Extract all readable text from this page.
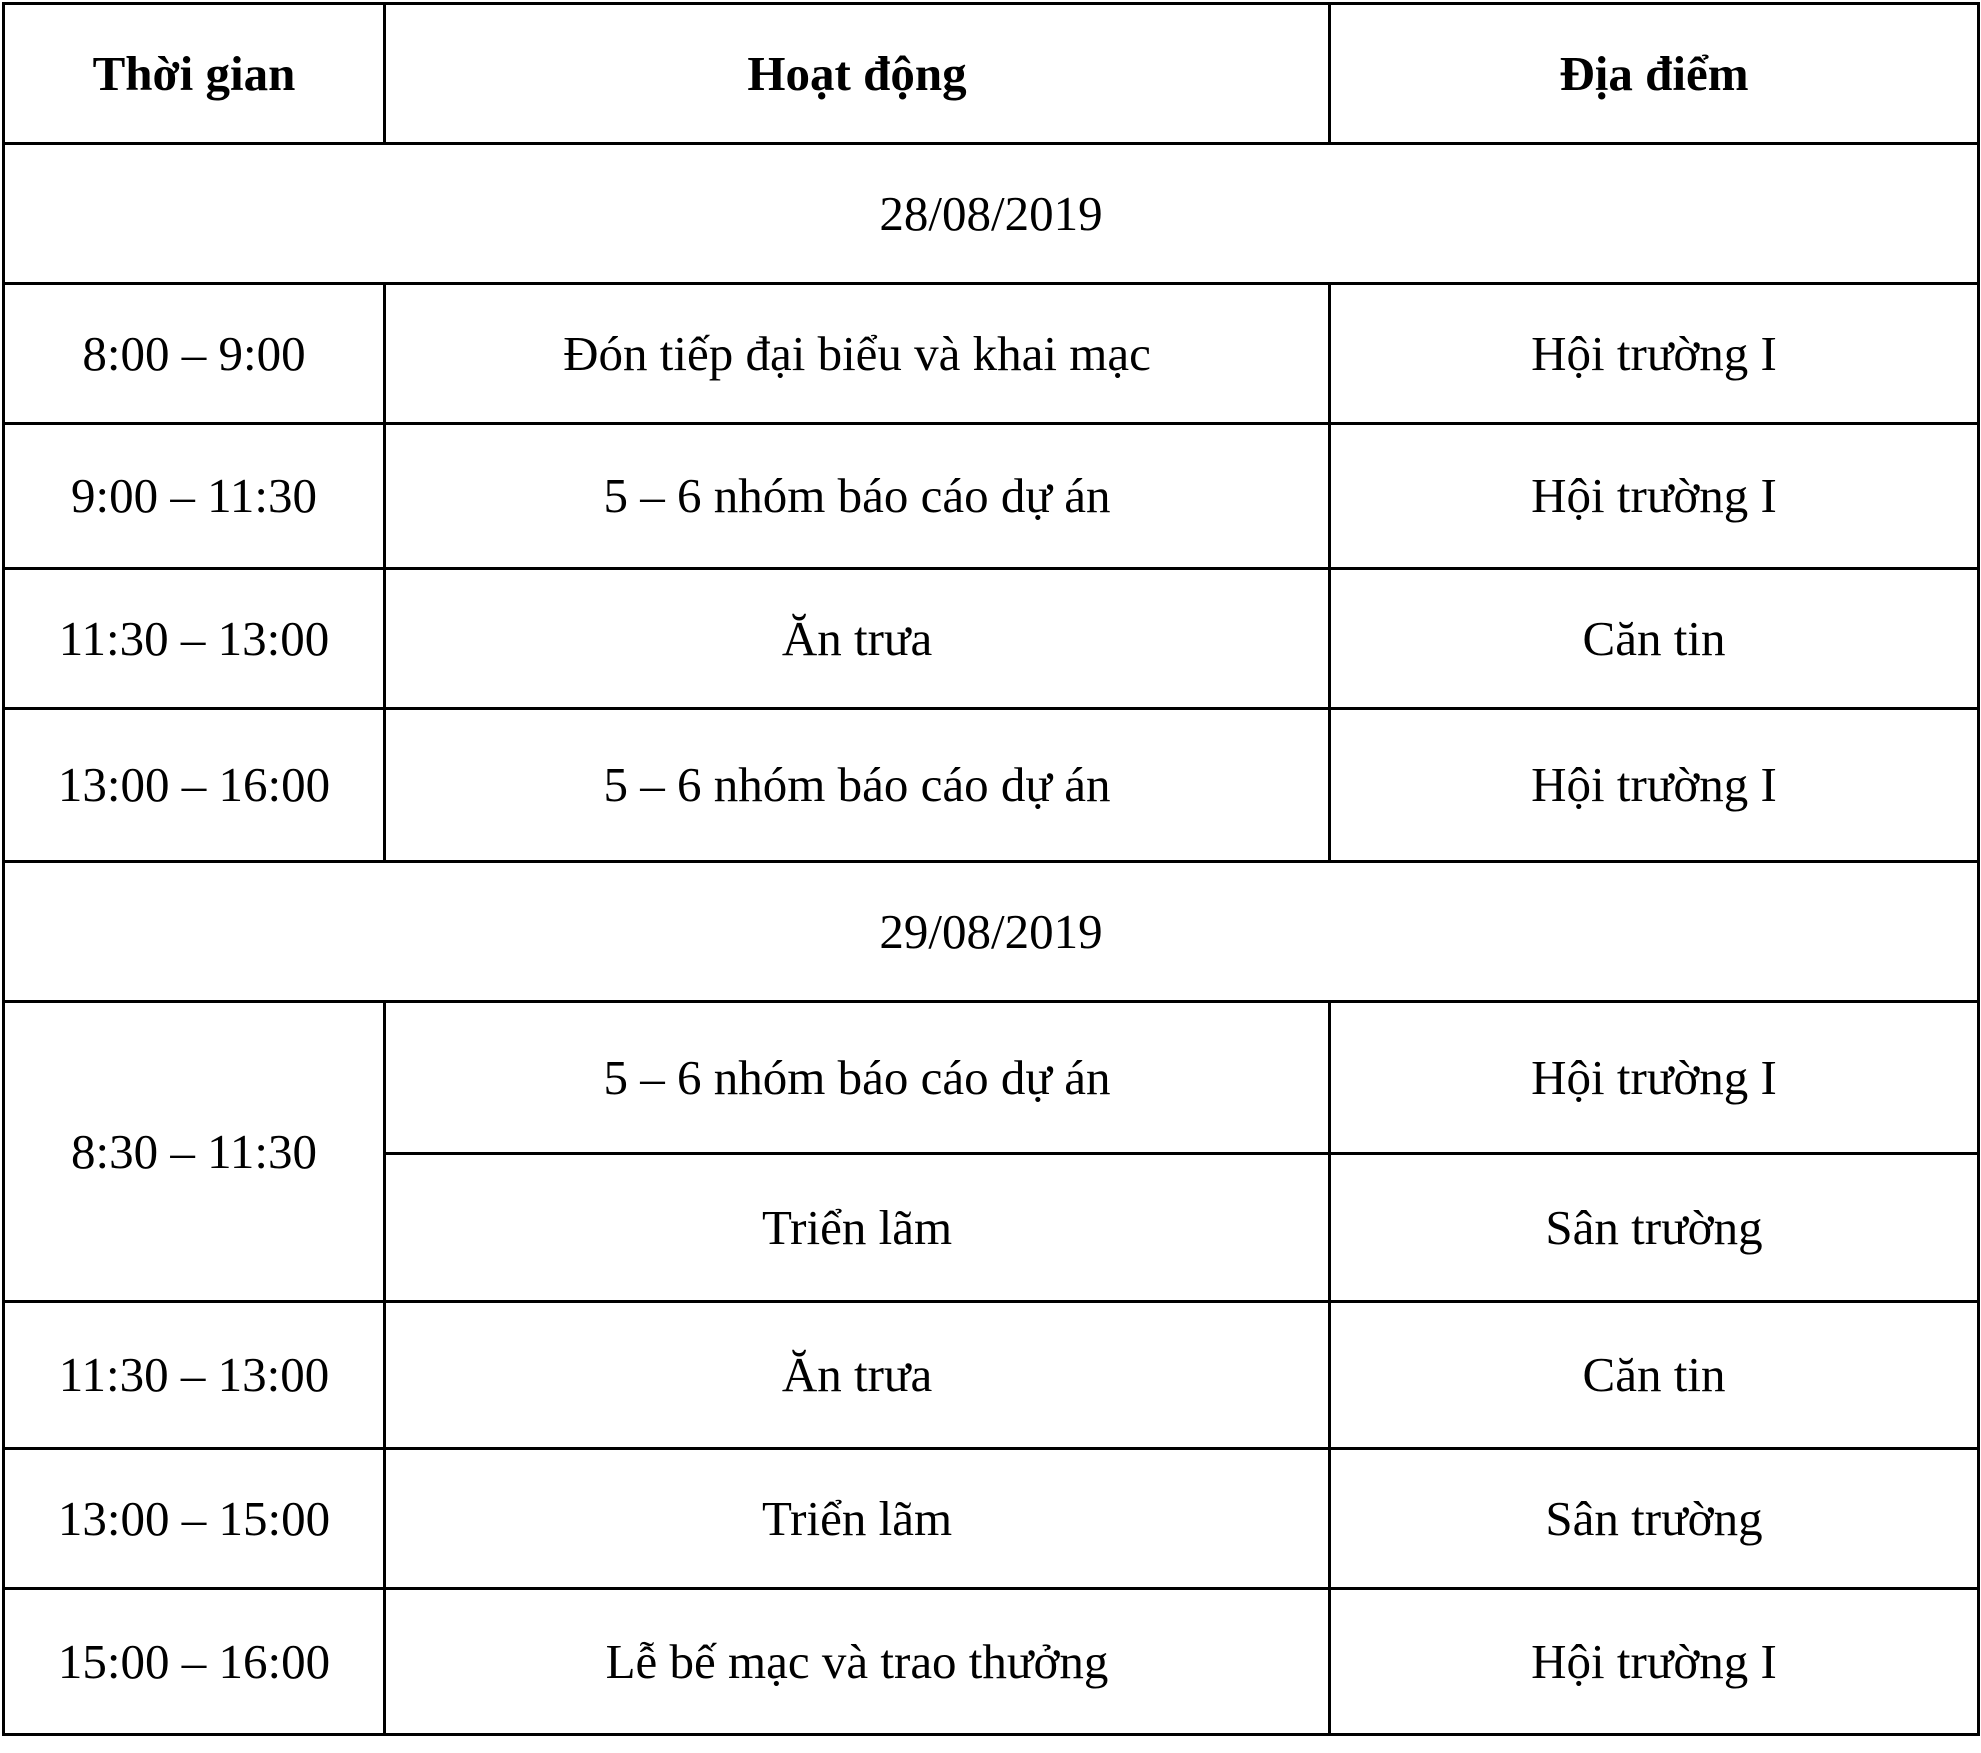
Thời gian	Hoạt động	Địa điểm
28/08/2019		
8:00 – 9:00	Đón tiếp đại biểu và khai mạc	Hội trường I
9:00 – 11:30	5 – 6 nhóm báo cáo dự án	Hội trường I
11:30 – 13:00	Ăn trưa	Căn tin
13:00 – 16:00	5 – 6 nhóm báo cáo dự án	Hội trường I
29/08/2019		
8:30 – 11:30	5 – 6 nhóm báo cáo dự án	Hội trường I
	Triển lãm	Sân trường
11:30 – 13:00	Ăn trưa	Căn tin
13:00 – 15:00	Triển lãm	Sân trường
15:00 – 16:00	Lễ bế mạc và trao thưởng	Hội trường I
